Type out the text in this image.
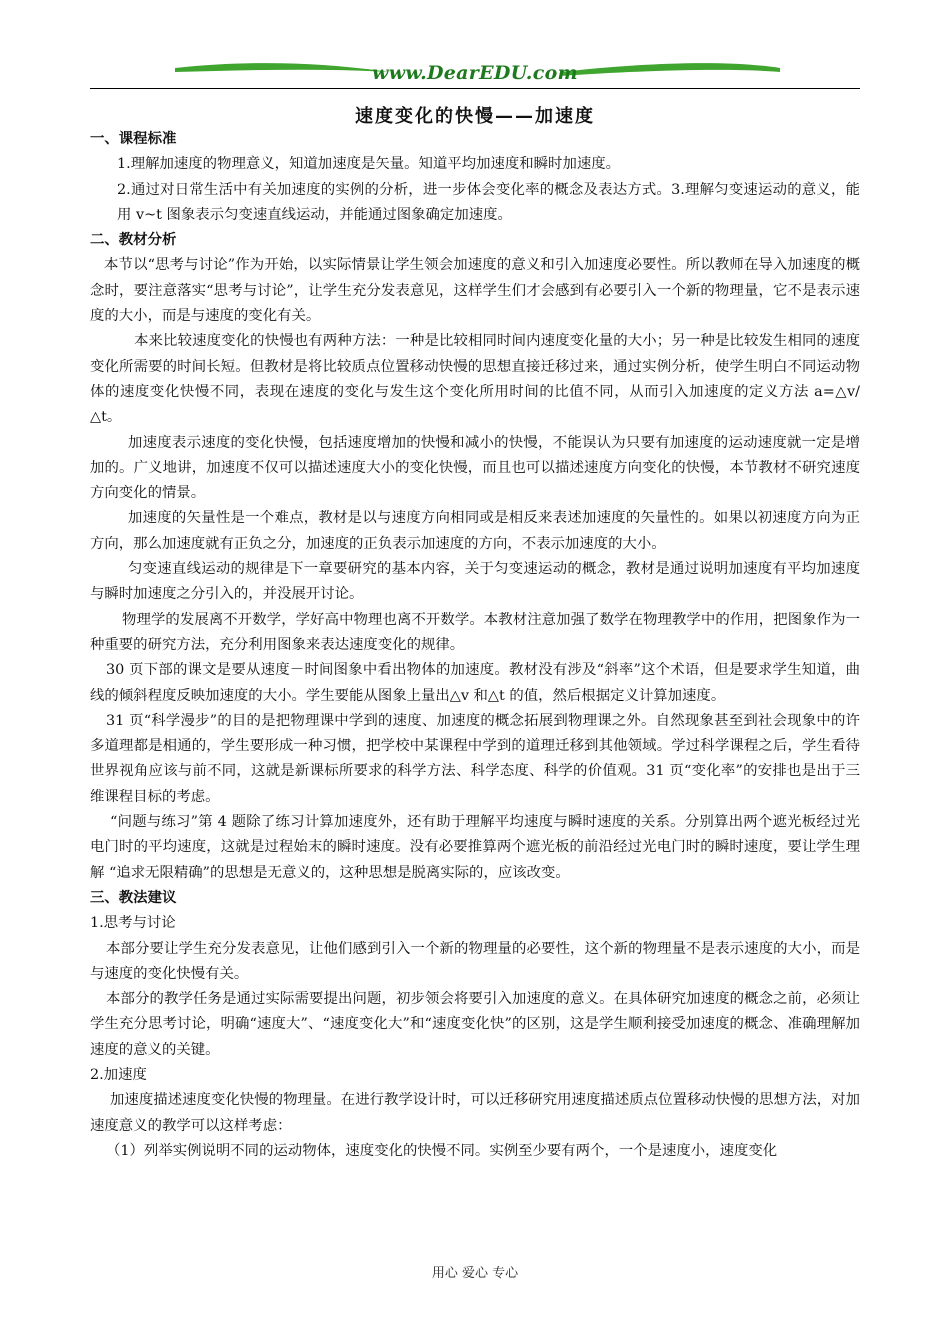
www.DearEDU.com
速度变化的快慢——加速度

一、课程标准

1.理解加速度的物理意义，知道加速度是矢量。知道平均加速度和瞬时加速度。

2.通过对日常生活中有关加速度的实例的分析，进一步体会变化率的概念及表达方式。3.理解匀变速运动的意义，能用 v~t 图象表示匀变速直线运动，并能通过图象确定加速度。

二、教材分析

本节以“思考与讨论”作为开始，以实际情景让学生领会加速度的意义和引入加速度必要性。所以教师在导入加速度的概念时，要注意落实“思考与讨论”，让学生充分发表意见，这样学生们才会感到有必要引入一个新的物理量，它不是表示速度的大小，而是与速度的变化有关。

本来比较速度变化的快慢也有两种方法：一种是比较相同时间内速度变化量的大小；另一种是比较发生相同的速度变化所需要的时间长短。但教材是将比较质点位置移动快慢的思想直接迁移过来，通过实例分析，使学生明白不同运动物体的速度变化快慢不同，表现在速度的变化与发生这个变化所用时间的比值不同，从而引入加速度的定义方法 a=△v/△t。

加速度表示速度的变化快慢，包括速度增加的快慢和减小的快慢，不能误认为只要有加速度的运动速度就一定是增加的。广义地讲，加速度不仅可以描述速度大小的变化快慢，而且也可以描述速度方向变化的快慢，本节教材不研究速度方向变化的情景。

加速度的矢量性是一个难点，教材是以与速度方向相同或是相反来表述加速度的矢量性的。如果以初速度方向为正方向，那么加速度就有正负之分，加速度的正负表示加速度的方向，不表示加速度的大小。

匀变速直线运动的规律是下一章要研究的基本内容，关于匀变速运动的概念，教材是通过说明加速度有平均加速度与瞬时加速度之分引入的，并没展开讨论。

物理学的发展离不开数学，学好高中物理也离不开数学。本教材注意加强了数学在物理教学中的作用，把图象作为一种重要的研究方法，充分利用图象来表达速度变化的规律。

30 页下部的课文是要从速度－时间图象中看出物体的加速度。教材没有涉及“斜率”这个术语，但是要求学生知道，曲线的倾斜程度反映加速度的大小。学生要能从图象上量出△v 和△t 的值，然后根据定义计算加速度。

31 页“科学漫步”的目的是把物理课中学到的速度、加速度的概念拓展到物理课之外。自然现象甚至到社会现象中的许多道理都是相通的，学生要形成一种习惯，把学校中某课程中学到的道理迁移到其他领域。学过科学课程之后，学生看待世界视角应该与前不同，这就是新课标所要求的科学方法、科学态度、科学的价值观。31 页“变化率”的安排也是出于三维课程目标的考虑。

“问题与练习”第 4 题除了练习计算加速度外，还有助于理解平均速度与瞬时速度的关系。分别算出两个遮光板经过光电门时的平均速度，这就是过程始末的瞬时速度。没有必要推算两个遮光板的前沿经过光电门时的瞬时速度，要让学生理解 “追求无限精确”的思想是无意义的，这种思想是脱离实际的，应该改变。

三、教法建议

1.思考与讨论

本部分要让学生充分发表意见，让他们感到引入一个新的物理量的必要性，这个新的物理量不是表示速度的大小，而是与速度的变化快慢有关。

本部分的教学任务是通过实际需要提出问题，初步领会将要引入加速度的意义。在具体研究加速度的概念之前，必须让学生充分思考讨论，明确“速度大”、“速度变化大”和“速度变化快”的区别，这是学生顺利接受加速度的概念、准确理解加速度的意义的关键。

2.加速度

加速度描述速度变化快慢的物理量。在进行教学设计时，可以迁移研究用速度描述质点位置移动快慢的思想方法，对加速度意义的教学可以这样考虑：

（1）列举实例说明不同的运动物体，速度变化的快慢不同。实例至少要有两个，一个是速度小，速度变化

用心 爱心 专心
